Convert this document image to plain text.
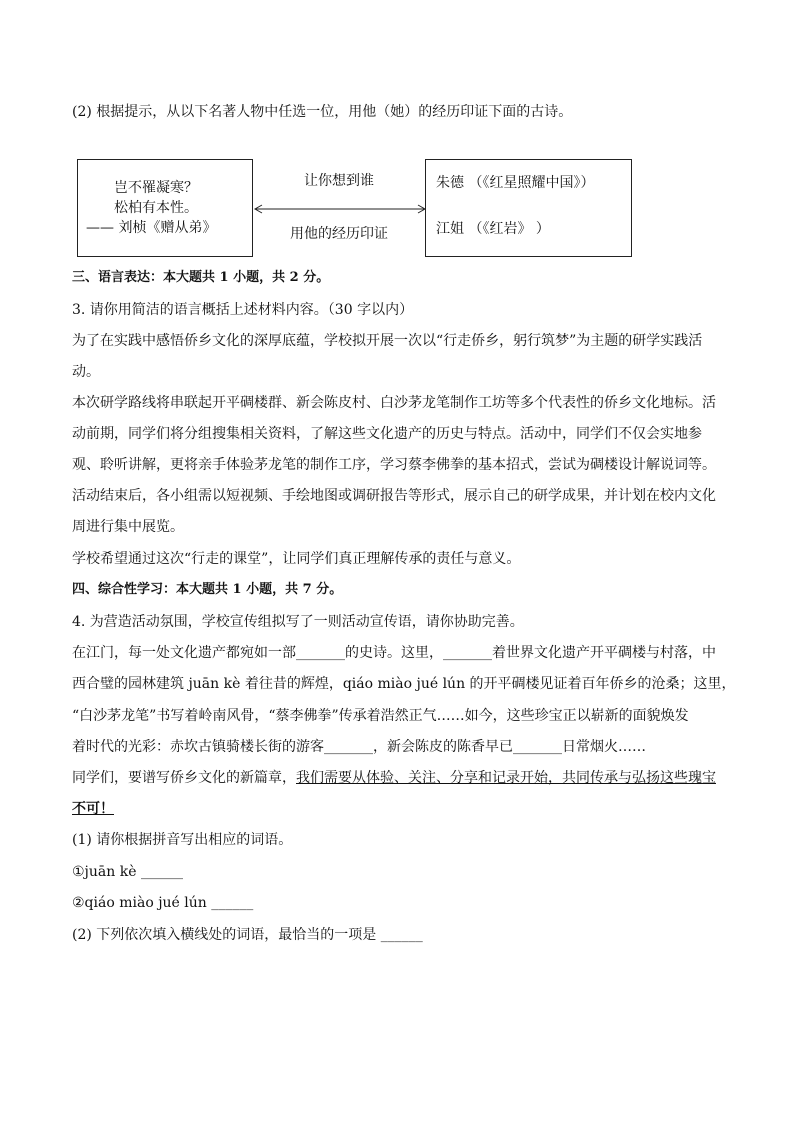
(2) 根据提示，从以下名著人物中任选一位，用他（她）的经历印证下面的古诗。
岂不罹凝寒？
松柏有本性。
—— 刘桢《赠从弟》
让你想到谁
用他的经历印证
朱德 （《红星照耀中国》）
江姐 （《红岩》 ）
三、语言表达：本大题共 1 小题，共 2 分。
3. 请你用简洁的语言概括上述材料内容。（30 字以内）
为了在实践中感悟侨乡文化的深厚底蕴，学校拟开展一次以“行走侨乡，躬行筑梦”为主题的研学实践活
动。
本次研学路线将串联起开平碉楼群、新会陈皮村、白沙茅龙笔制作工坊等多个代表性的侨乡文化地标。活
动前期，同学们将分组搜集相关资料，了解这些文化遗产的历史与特点。活动中，同学们不仅会实地参
观、聆听讲解，更将亲手体验茅龙笔的制作工序，学习蔡李佛拳的基本招式，尝试为碉楼设计解说词等。
活动结束后，各小组需以短视频、手绘地图或调研报告等形式，展示自己的研学成果，并计划在校内文化
周进行集中展览。
学校希望通过这次“行走的课堂”，让同学们真正理解传承的责任与意义。
四、综合性学习：本大题共 1 小题，共 7 分。
4. 为营造活动氛围，学校宣传组拟写了一则活动宣传语，请你协助完善。
在江门，每一处文化遗产都宛如一部_______的史诗。这里，_______着世界文化遗产开平碉楼与村落，中
西合璧的园林建筑 juān kè 着往昔的辉煌，qiáo miào jué lún 的开平碉楼见证着百年侨乡的沧桑；这里，
“白沙茅龙笔”书写着岭南风骨，“蔡李佛拳”传承着浩然正气……如今，这些珍宝正以崭新的面貌焕发
着时代的光彩：赤坎古镇骑楼长街的游客_______，新会陈皮的陈香早已_______日常烟火……
同学们，要谱写侨乡文化的新篇章，我们需要从体验、关注、分享和记录开始，共同传承与弘扬这些瑰宝
不可！
(1) 请你根据拼音写出相应的词语。
①juān kè ______
②qiáo miào jué lún ______
(2) 下列依次填入横线处的词语，最恰当的一项是 ______
